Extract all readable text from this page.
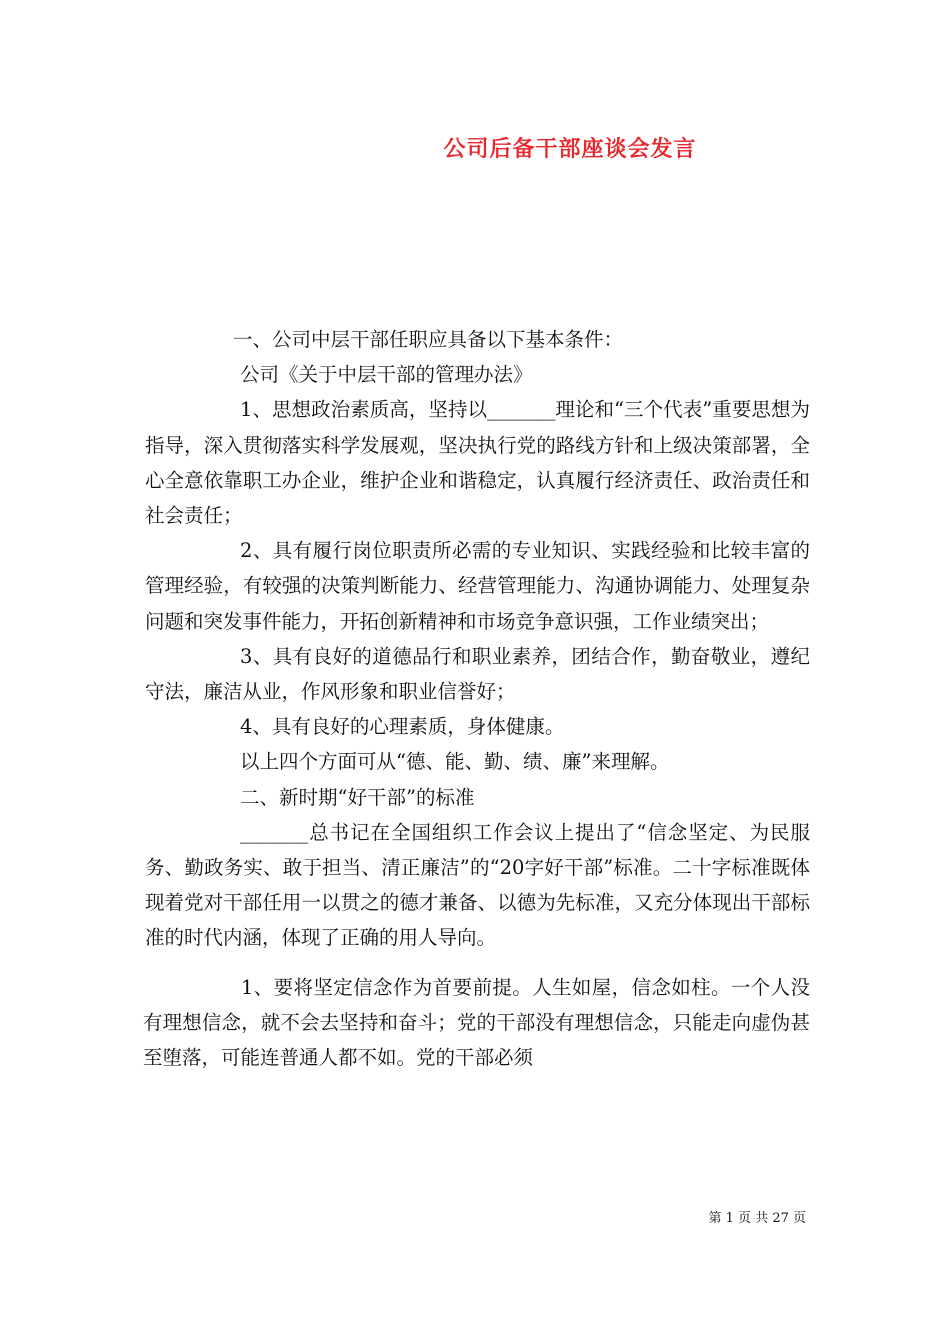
公司后备干部座谈会发言

一、公司中层干部任职应具备以下基本条件：

公司《关于中层干部的管理办法》

1、思想政治素质高，坚持以_______理论和“三个代表”重要思想为指导，深入贯彻落实科学发展观，坚决执行党的路线方针和上级决策部署，全心全意依靠职工办企业，维护企业和谐稳定，认真履行经济责任、政治责任和社会责任；

2、具有履行岗位职责所必需的专业知识、实践经验和比较丰富的管理经验，有较强的决策判断能力、经营管理能力、沟通协调能力、处理复杂问题和突发事件能力，开拓创新精神和市场竞争意识强，工作业绩突出；

3、具有良好的道德品行和职业素养，团结合作，勤奋敬业，遵纪守法，廉洁从业，作风形象和职业信誉好；

4、具有良好的心理素质，身体健康。

以上四个方面可从“德、能、勤、绩、廉”来理解。

二、新时期“好干部”的标准

_______总书记在全国组织工作会议上提出了“信念坚定、为民服务、勤政务实、敢于担当、清正廉洁”的“20字好干部”标准。二十字标准既体现着党对干部任用一以贯之的德才兼备、以德为先标准，又充分体现出干部标准的时代内涵，体现了正确的用人导向。

1、要将坚定信念作为首要前提。人生如屋，信念如柱。一个人没有理想信念，就不会去坚持和奋斗；党的干部没有理想信念，只能走向虚伪甚至堕落，可能连普通人都不如。党的干部必须

第 1 页 共 27 页
